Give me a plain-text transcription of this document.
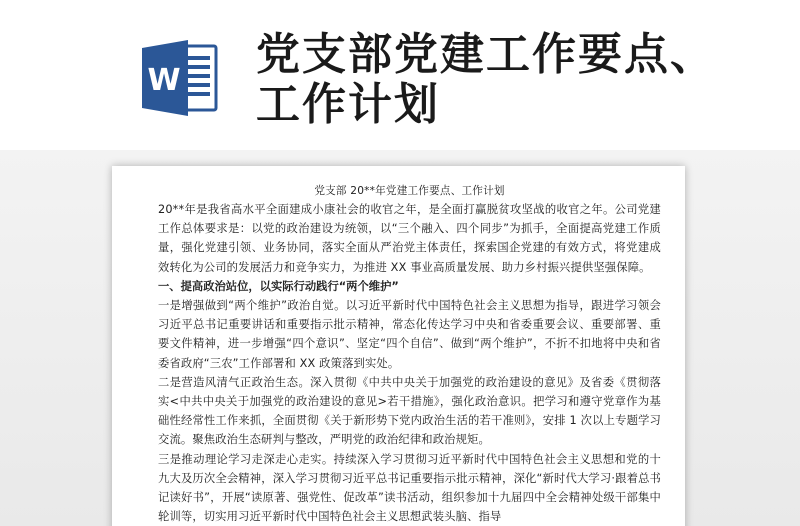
W
党支部党建工作要点、工作计划
党支部 20**年党建工作要点、工作计划
20**年是我省高水平全面建成小康社会的收官之年，是全面打赢脱贫攻坚战的收官之年。公司党建工作总体要求是：以党的政治建设为统领，以“三个融入、四个同步”为抓手，全面提高党建工作质量，强化党建引领、业务协同，落实全面从严治党主体责任，探索国企党建的有效方式，将党建成效转化为公司的发展活力和竞争实力，为推进 XX 事业高质量发展、助力乡村振兴提供坚强保障。
一、提高政治站位，以实际行动践行“两个维护”
一是增强做到“两个维护”政治自觉。以习近平新时代中国特色社会主义思想为指导，跟进学习领会习近平总书记重要讲话和重要指示批示精神，常态化传达学习中央和省委重要会议、重要部署、重要文件精神，进一步增强“四个意识”、坚定“四个自信”、做到“两个维护”，不折不扣地将中央和省委省政府“三农”工作部署和 XX 政策落到实处。
二是营造风清气正政治生态。深入贯彻《中共中央关于加强党的政治建设的意见》及省委《贯彻落实<中共中央关于加强党的政治建设的意见>若干措施》，强化政治意识。把学习和遵守党章作为基础性经常性工作来抓，全面贯彻《关于新形势下党内政治生活的若干准则》，安排 1 次以上专题学习交流。聚焦政治生态研判与整改，严明党的政治纪律和政治规矩。
三是推动理论学习走深走心走实。持续深入学习贯彻习近平新时代中国特色社会主义思想和党的十九大及历次全会精神，深入学习贯彻习近平总书记重要指示批示精神，深化“新时代大学习·跟着总书记读好书”，开展“读原著、强党性、促改革”读书活动，组织参加十九届四中全会精神处级干部集中轮训等，切实用习近平新时代中国特色社会主义思想武装头脑、指导
